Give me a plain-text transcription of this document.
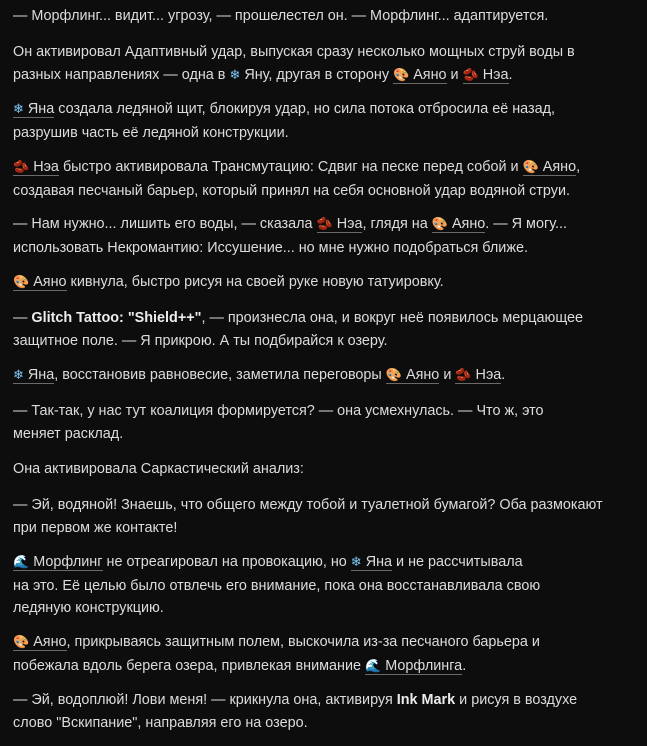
— Морфлинг... видит... угрозу, — прошелестел он. — Морфлинг... адаптируется.

Он активировал Адаптивный удар, выпуская сразу несколько мощных струй воды в
разных направлениях — одна в ❄ Яну, другая в сторону 🎨 Аяно и 🫘 Нэа.

❄ Яна создала ледяной щит, блокируя удар, но сила потока отбросила её назад,
разрушив часть её ледяной конструкции.

🫘 Нэа быстро активировала Трансмутацию: Сдвиг на песке перед собой и 🎨 Аяно,
создавая песчаный барьер, который принял на себя основной удар водяной струи.

— Нам нужно... лишить его воды, — сказала 🫘 Нэа, глядя на 🎨 Аяно. — Я могу...
использовать Некромантию: Иссушение... но мне нужно подобраться ближе.

🎨 Аяно кивнула, быстро рисуя на своей руке новую татуировку.

— Glitch Tattoo: "Shield++", — произнесла она, и вокруг неё появилось мерцающее
защитное поле. — Я прикрою. А ты подбирайся к озеру.

❄ Яна, восстановив равновесие, заметила переговоры 🎨 Аяно и 🫘 Нэа.

— Так-так, у нас тут коалиция формируется? — она усмехнулась. — Что ж, это
меняет расклад.

Она активировала Саркастический анализ:

— Эй, водяной! Знаешь, что общего между тобой и туалетной бумагой? Оба размокают
при первом же контакте!

🌊 Морфлинг не отреагировал на провокацию, но ❄ Яна и не рассчитывала
на это. Её целью было отвлечь его внимание, пока она восстанавливала свою
ледяную конструкцию.

🎨 Аяно, прикрываясь защитным полем, выскочила из-за песчаного барьера и
побежала вдоль берега озера, привлекая внимание 🌊 Морфлинга.

— Эй, водоплюй! Лови меня! — крикнула она, активируя Ink Mark и рисуя в воздухе
слово "Вскипание", направляя его на озеро.
